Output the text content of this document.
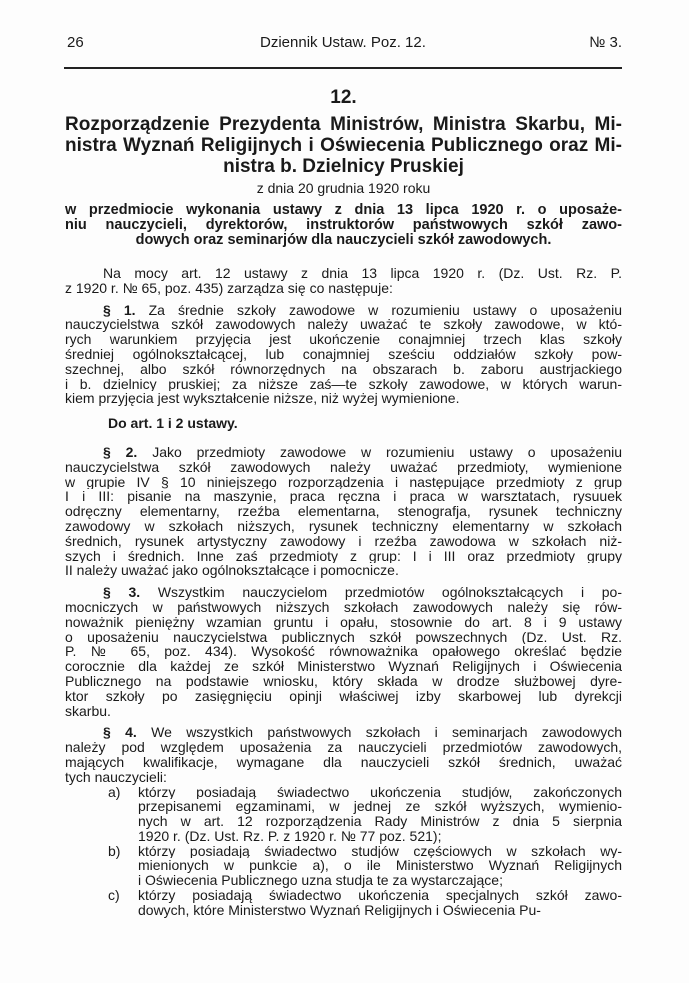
26	Dziennik Ustaw. Poz. 12.	№ 3.
12.
Rozporządzenie Prezydenta Ministrów, Ministra Skarbu, Mi-
nistra Wyznań Religijnych i Oświecenia Publicznego oraz Mi-
nistra b. Dzielnicy Pruskiej
z dnia 20 grudnia 1920 roku
w przedmiocie wykonania ustawy z dnia 13 lipca 1920 r. o uposaże-
niu nauczycieli, dyrektorów, instruktorów państwowych szkół zawo-
dowych oraz seminarjów dla nauczycieli szkół zawodowych.
Na mocy art. 12 ustawy z dnia 13 lipca 1920 r. (Dz. Ust. Rz. P.
z 1920 r. № 65, poz. 435) zarządza się co następuje:
§ 1. Za średnie szkoły zawodowe w rozumieniu ustawy o uposażeniu
nauczycielstwa szkół zawodowych należy uważać te szkoły zawodowe, w któ-
rych warunkiem przyjęcia jest ukończenie conajmniej trzech klas szkoły
średniej ogólnokształcącej, lub conajmniej sześciu oddziałów szkoły pow-
szechnej, albo szkół równorzędnych na obszarach b. zaboru austrjackiego
i b. dzielnicy pruskiej; za niższe zaś—te szkoły zawodowe, w których warun-
kiem przyjęcia jest wykształcenie niższe, niż wyżej wymienione.
Do art. 1 i 2 ustawy.
§ 2. Jako przedmioty zawodowe w rozumieniu ustawy o uposażeniu
nauczycielstwa szkół zawodowych należy uważać przedmioty, wymienione
w grupie IV § 10 niniejszego rozporządzenia i następujące przedmioty z grup
I i III: pisanie na maszynie, praca ręczna i praca w warsztatach, rysuuek
odręczny elementarny, rzeźba elementarna, stenografja, rysunek techniczny
zawodowy w szkołach niższych, rysunek techniczny elementarny w szkołach
średnich, rysunek artystyczny zawodowy i rzeźba zawodowa w szkołach niż-
szych i średnich. Inne zaś przedmioty z grup: I i III oraz przedmioty grupy
II należy uważać jako ogólnokształcące i pomocnicze.
§ 3. Wszystkim nauczycielom przedmiotów ogólnokształcących i po-
mocniczych w państwowych niższych szkołach zawodowych należy się rów-
noważnik pieniężny wzamian gruntu i opału, stosownie do art. 8 i 9 ustawy
o uposażeniu nauczycielstwa publicznych szkół powszechnych (Dz. Ust. Rz.
P. № 65, poz. 434). Wysokość równoważnika opałowego określać będzie
corocznie dla każdej ze szkół Ministerstwo Wyznań Religijnych i Oświecenia
Publicznego na podstawie wniosku, który składa w drodze służbowej dyre-
ktor szkoły po zasięgnięciu opinji właściwej izby skarbowej lub dyrekcji
skarbu.
§ 4. We wszystkich państwowych szkołach i seminarjach zawodowych
należy pod względem uposażenia za nauczycieli przedmiotów zawodowych,
mających kwalifikacje, wymagane dla nauczycieli szkół średnich, uważać
tych nauczycieli:
a) którzy posiadają świadectwo ukończenia studjów, zakończonych
przepisanemi egzaminami, w jednej ze szkół wyższych, wymienio-
nych w art. 12 rozporządzenia Rady Ministrów z dnia 5 sierpnia
1920 r. (Dz. Ust. Rz. P. z 1920 r. № 77 poz. 521);
b) którzy posiadają świadectwo studjów częściowych w szkołach wy-
mienionych w punkcie a), o ile Ministerstwo Wyznań Religijnych
i Oświecenia Publicznego uzna studja te za wystarczające;
c) którzy posiadają świadectwo ukończenia specjalnych szkół zawo-
dowych, które Ministerstwo Wyznań Religijnych i Oświecenia Pu-
